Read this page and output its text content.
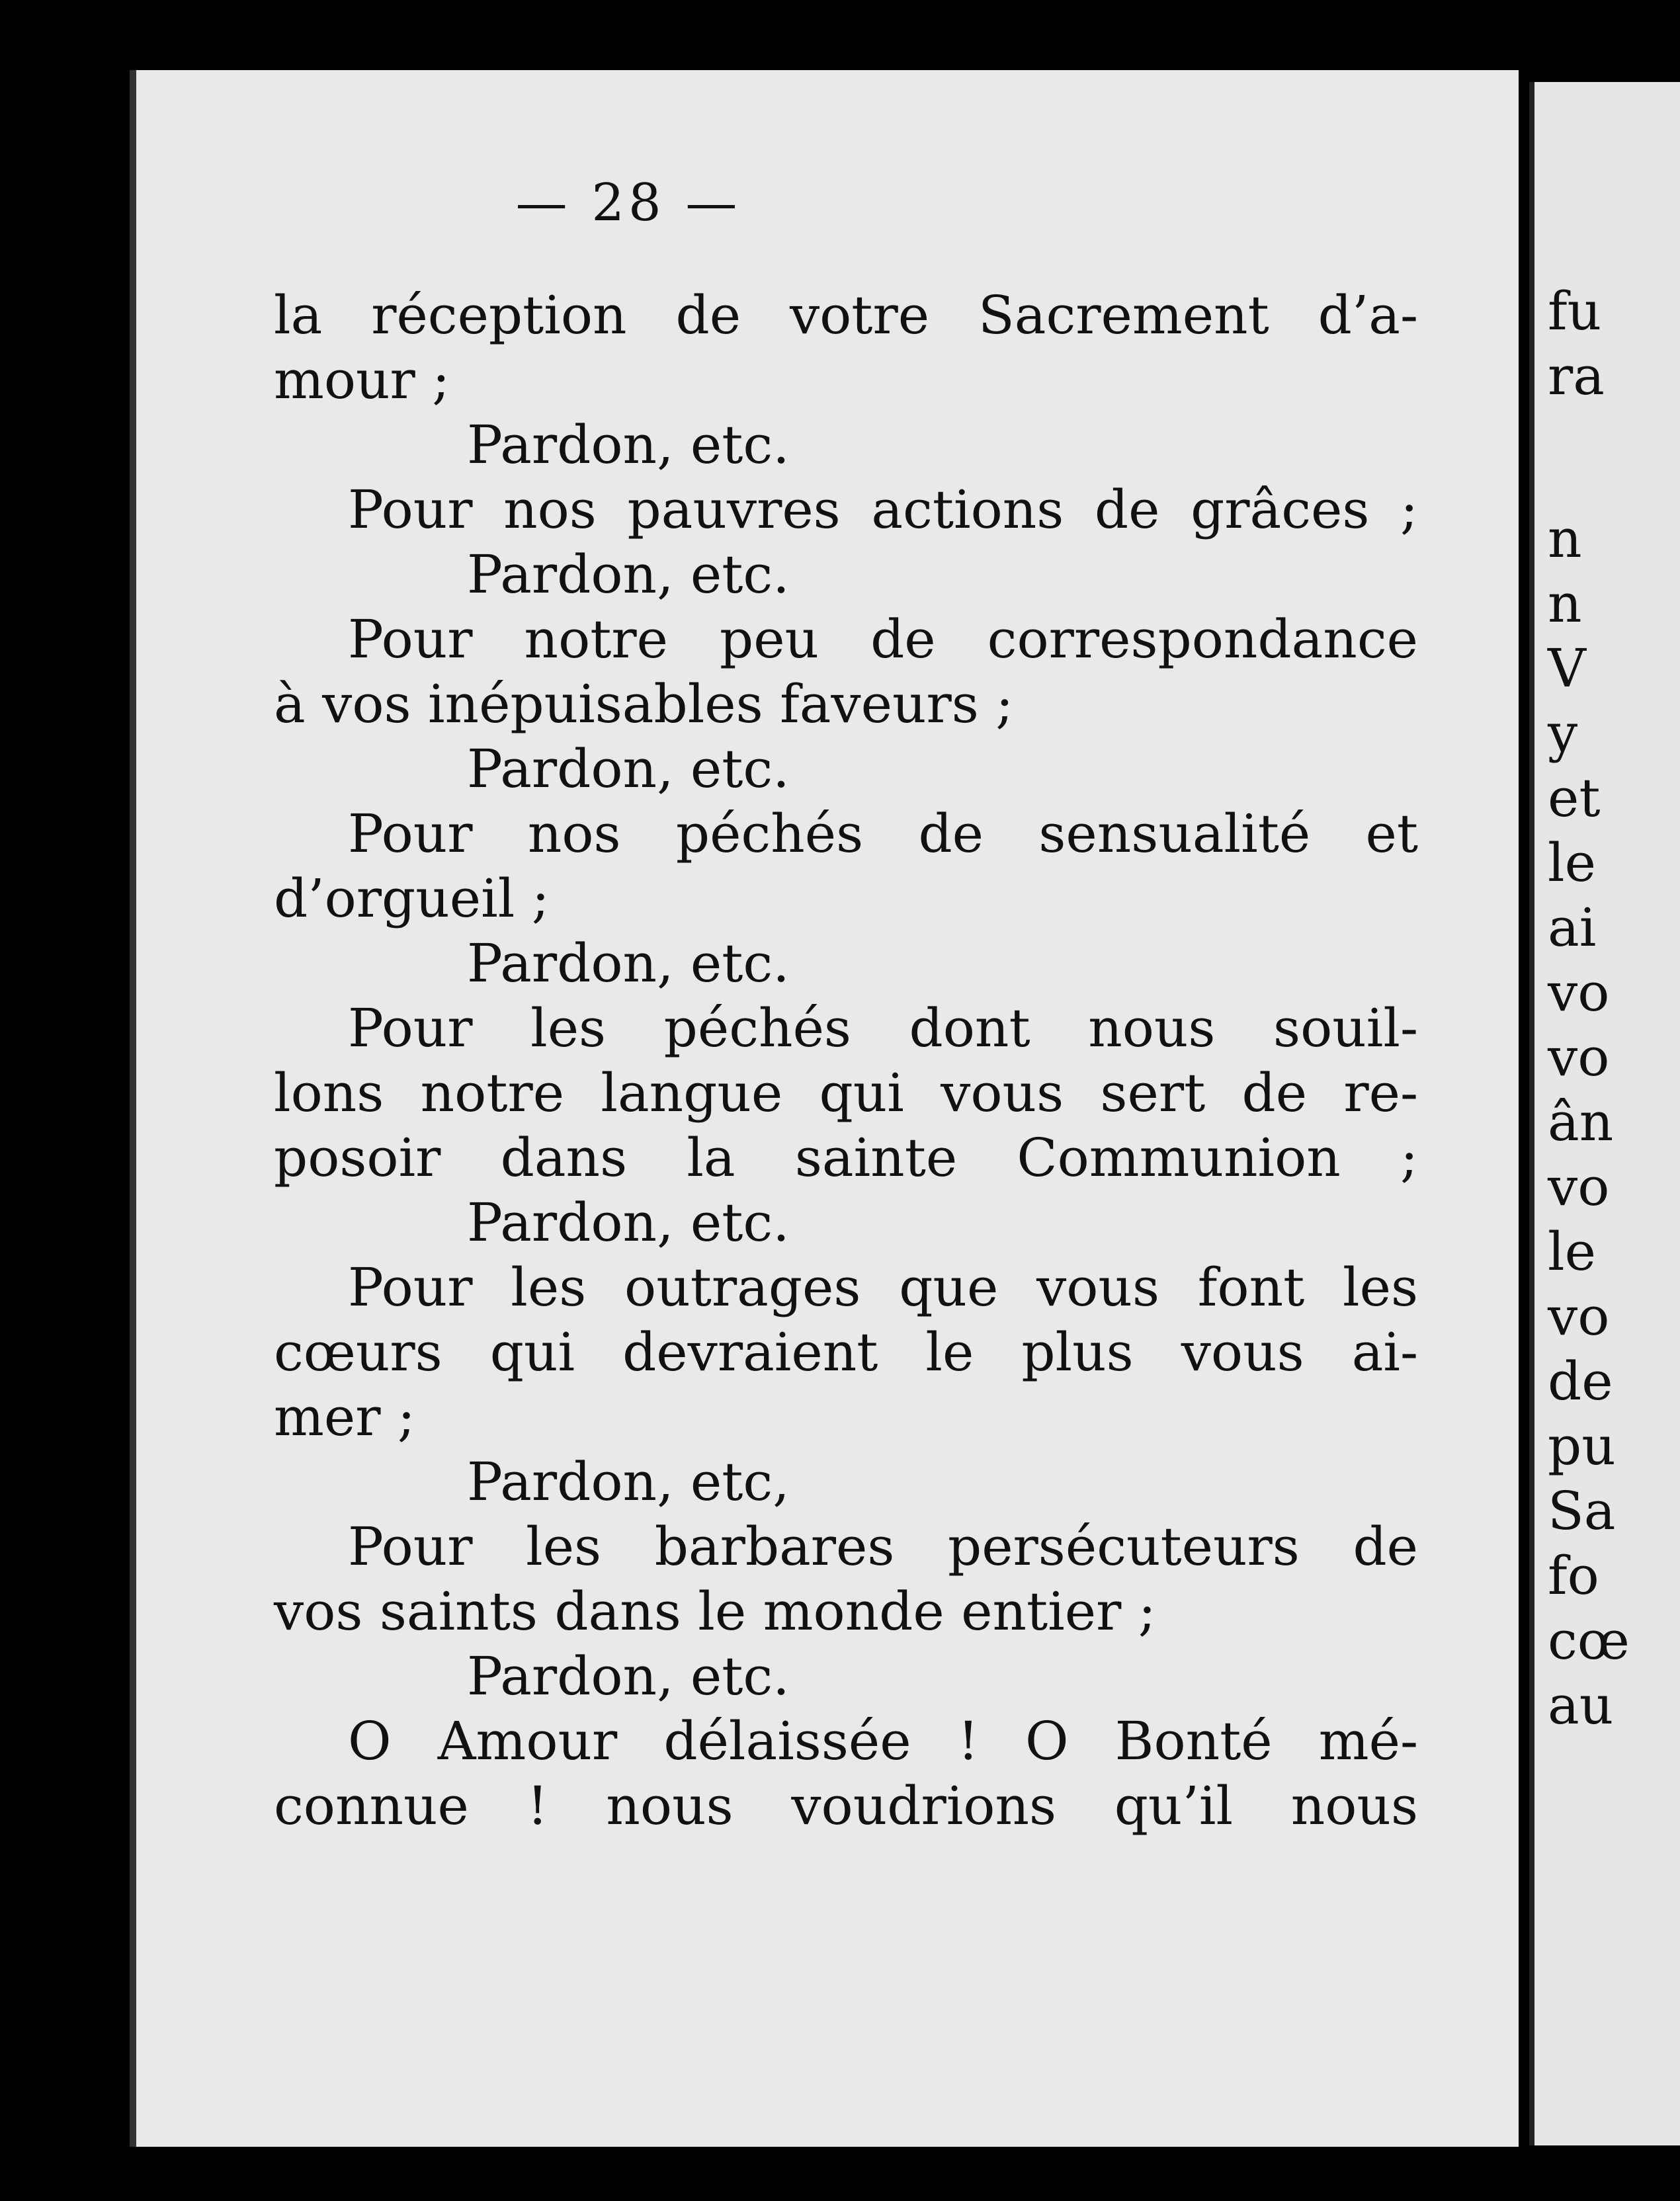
— 28 —
la réception de votre Sacrement d’a-
mour ;
Pardon, etc.
Pour nos pauvres actions de grâces ;
Pardon, etc.
Pour notre peu de correspondance
à vos inépuisables faveurs ;
Pardon, etc.
Pour nos péchés de sensualité et
d’orgueil ;
Pardon, etc.
Pour les péchés dont nous souil-
lons notre langue qui vous sert de re-
posoir dans la sainte Communion ;
Pardon, etc.
Pour les outrages que vous font les
cœurs qui devraient le plus vous ai-
mer ;
Pardon, etc,
Pour les barbares persécuteurs de
vos saints dans le monde entier ;
Pardon, etc.
O Amour délaissée ! O Bonté mé-
connue ! nous voudrions qu’il nous
fu
ra
n
n
V
y
et
le
ai
vo
vo
ân
vo
le
vo
de
pu
Sa
fo
cœ
au
